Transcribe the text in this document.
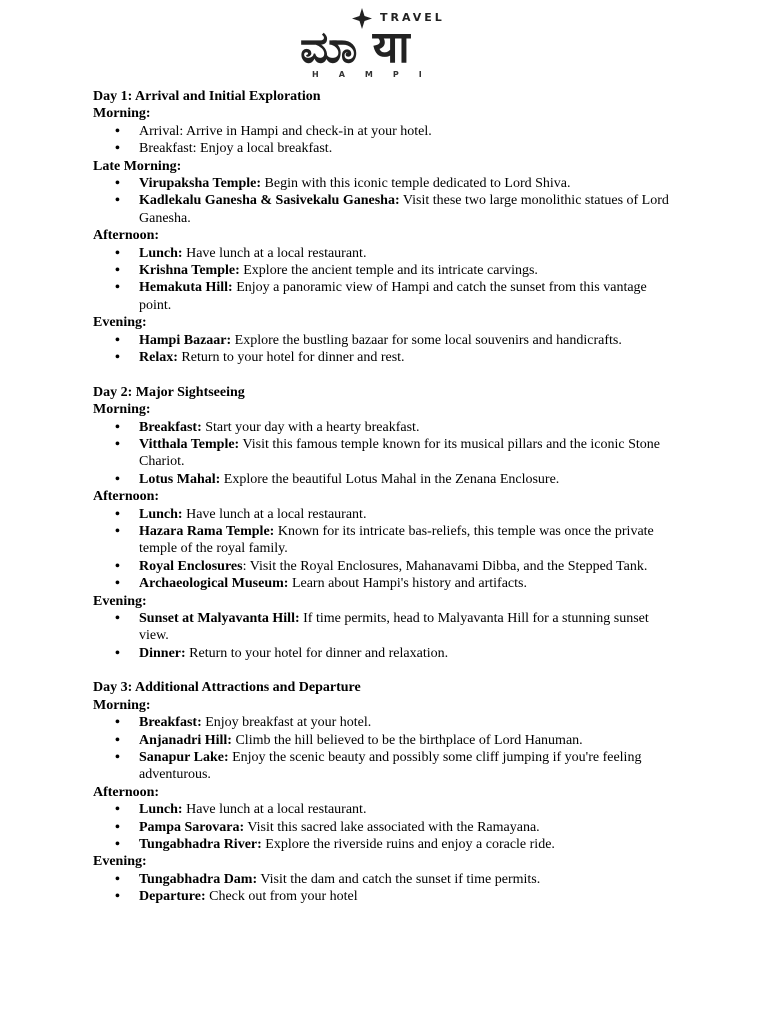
TRAVEL
ಮಾ या
HAMPI
Day 1: Arrival and Initial Exploration
Morning:
• Arrival: Arrive in Hampi and check-in at your hotel.
• Breakfast: Enjoy a local breakfast.
Late Morning:
• Virupaksha Temple: Begin with this iconic temple dedicated to Lord Shiva.
• Kadlekalu Ganesha & Sasivekalu Ganesha: Visit these two large monolithic statues of Lord Ganesha.
Afternoon:
• Lunch: Have lunch at a local restaurant.
• Krishna Temple: Explore the ancient temple and its intricate carvings.
• Hemakuta Hill: Enjoy a panoramic view of Hampi and catch the sunset from this vantage point.
Evening:
• Hampi Bazaar: Explore the bustling bazaar for some local souvenirs and handicrafts.
• Relax: Return to your hotel for dinner and rest.
Day 2: Major Sightseeing
Morning:
• Breakfast: Start your day with a hearty breakfast.
• Vitthala Temple: Visit this famous temple known for its musical pillars and the iconic Stone Chariot.
• Lotus Mahal: Explore the beautiful Lotus Mahal in the Zenana Enclosure.
Afternoon:
• Lunch: Have lunch at a local restaurant.
• Hazara Rama Temple: Known for its intricate bas-reliefs, this temple was once the private temple of the royal family.
• Royal Enclosures: Visit the Royal Enclosures, Mahanavami Dibba, and the Stepped Tank.
• Archaeological Museum: Learn about Hampi's history and artifacts.
Evening:
• Sunset at Malyavanta Hill: If time permits, head to Malyavanta Hill for a stunning sunset view.
• Dinner: Return to your hotel for dinner and relaxation.
Day 3: Additional Attractions and Departure
Morning:
• Breakfast: Enjoy breakfast at your hotel.
• Anjanadri Hill: Climb the hill believed to be the birthplace of Lord Hanuman.
• Sanapur Lake: Enjoy the scenic beauty and possibly some cliff jumping if you're feeling adventurous.
Afternoon:
• Lunch: Have lunch at a local restaurant.
• Pampa Sarovara: Visit this sacred lake associated with the Ramayana.
• Tungabhadra River: Explore the riverside ruins and enjoy a coracle ride.
Evening:
• Tungabhadra Dam: Visit the dam and catch the sunset if time permits.
• Departure: Check out from your hotel
